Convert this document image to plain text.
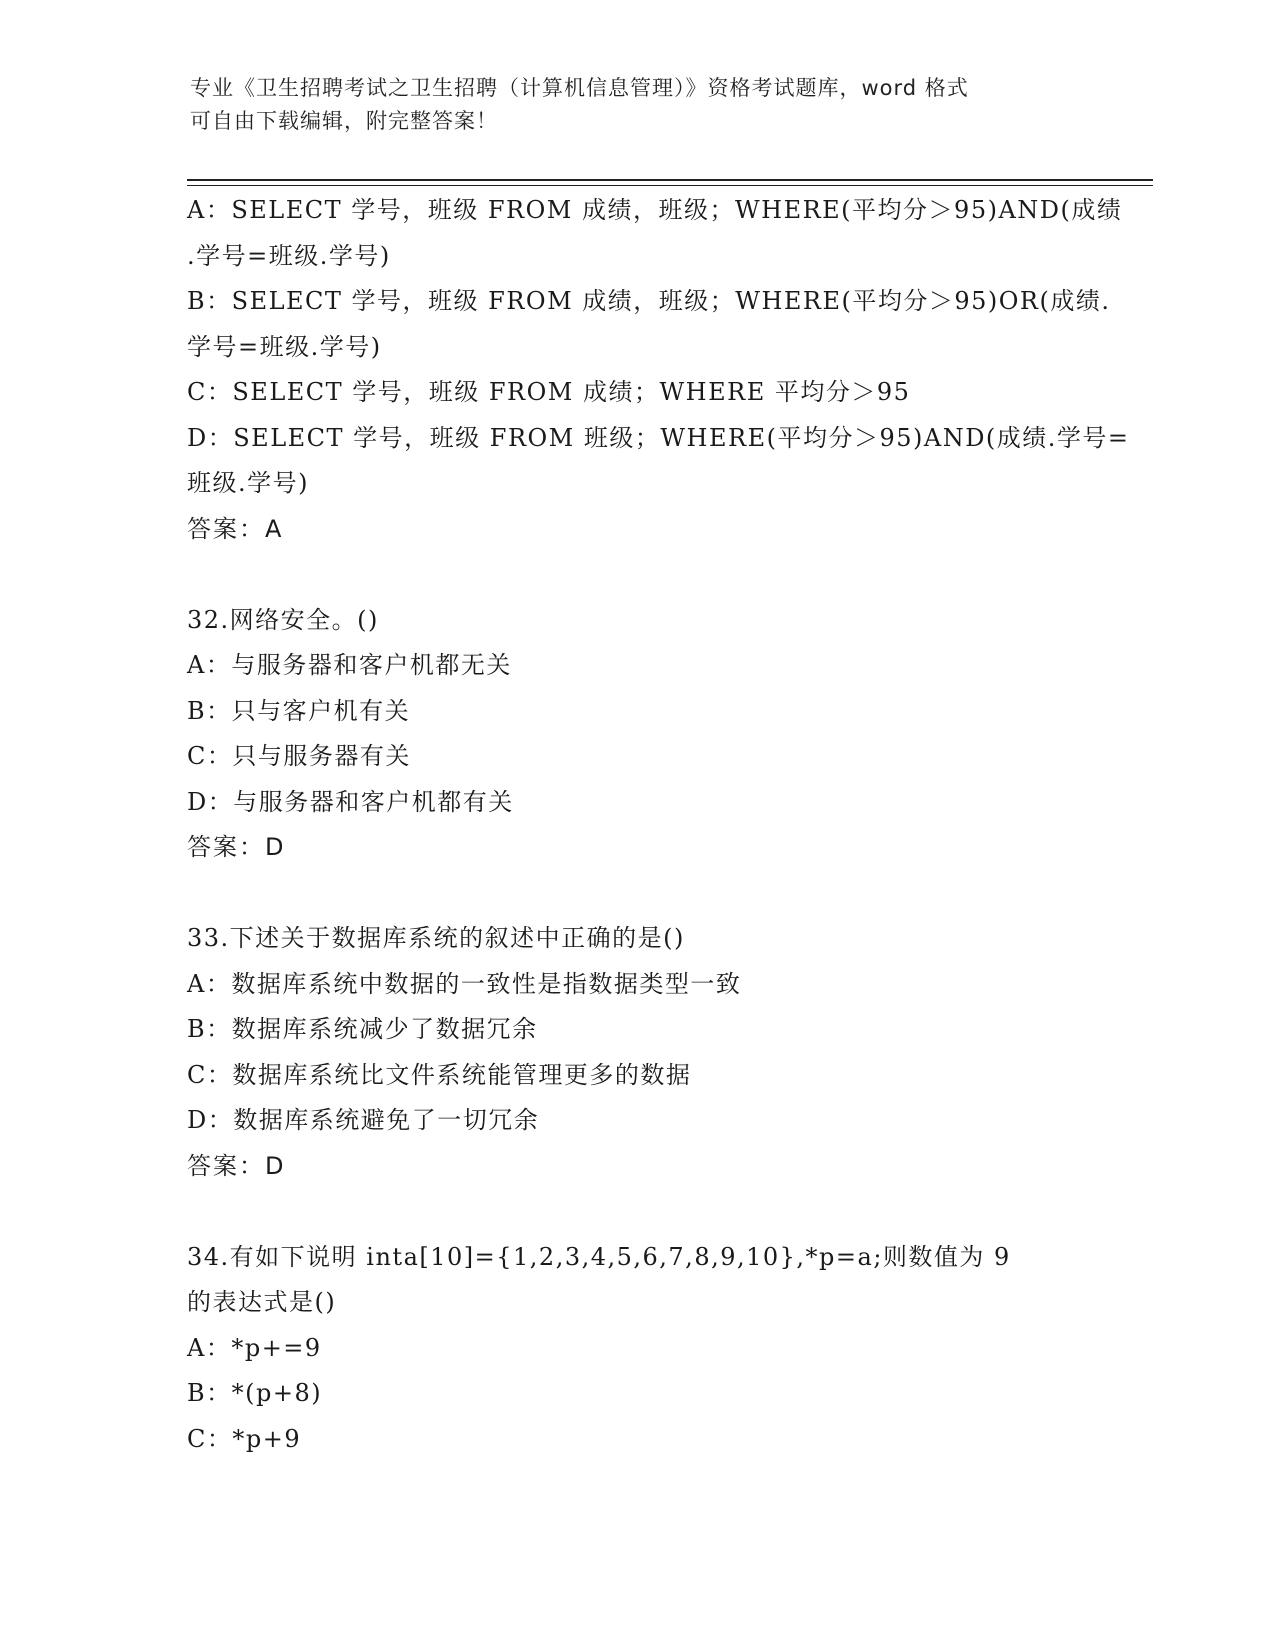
专业《卫生招聘考试之卫生招聘（计算机信息管理）》资格考试题库，word 格式
可自由下载编辑，附完整答案！
A：SELECT 学号，班级 FROM 成绩，班级；WHERE(平均分＞95)AND(成绩
.学号=班级.学号)
B：SELECT 学号，班级 FROM 成绩，班级；WHERE(平均分＞95)OR(成绩.
学号=班级.学号)
C：SELECT 学号，班级 FROM 成绩；WHERE 平均分＞95
D：SELECT 学号，班级 FROM 班级；WHERE(平均分＞95)AND(成绩.学号=
班级.学号)
答案：A
32.网络安全。()
A：与服务器和客户机都无关
B：只与客户机有关
C：只与服务器有关
D：与服务器和客户机都有关
答案：D
33.下述关于数据库系统的叙述中正确的是()
A：数据库系统中数据的一致性是指数据类型一致
B：数据库系统减少了数据冗余
C：数据库系统比文件系统能管理更多的数据
D：数据库系统避免了一切冗余
答案：D
34.有如下说明 inta[10]={1,2,3,4,5,6,7,8,9,10},*p=a;则数值为 9
的表达式是()
A：*p+=9
B：*(p+8)
C：*p+9
